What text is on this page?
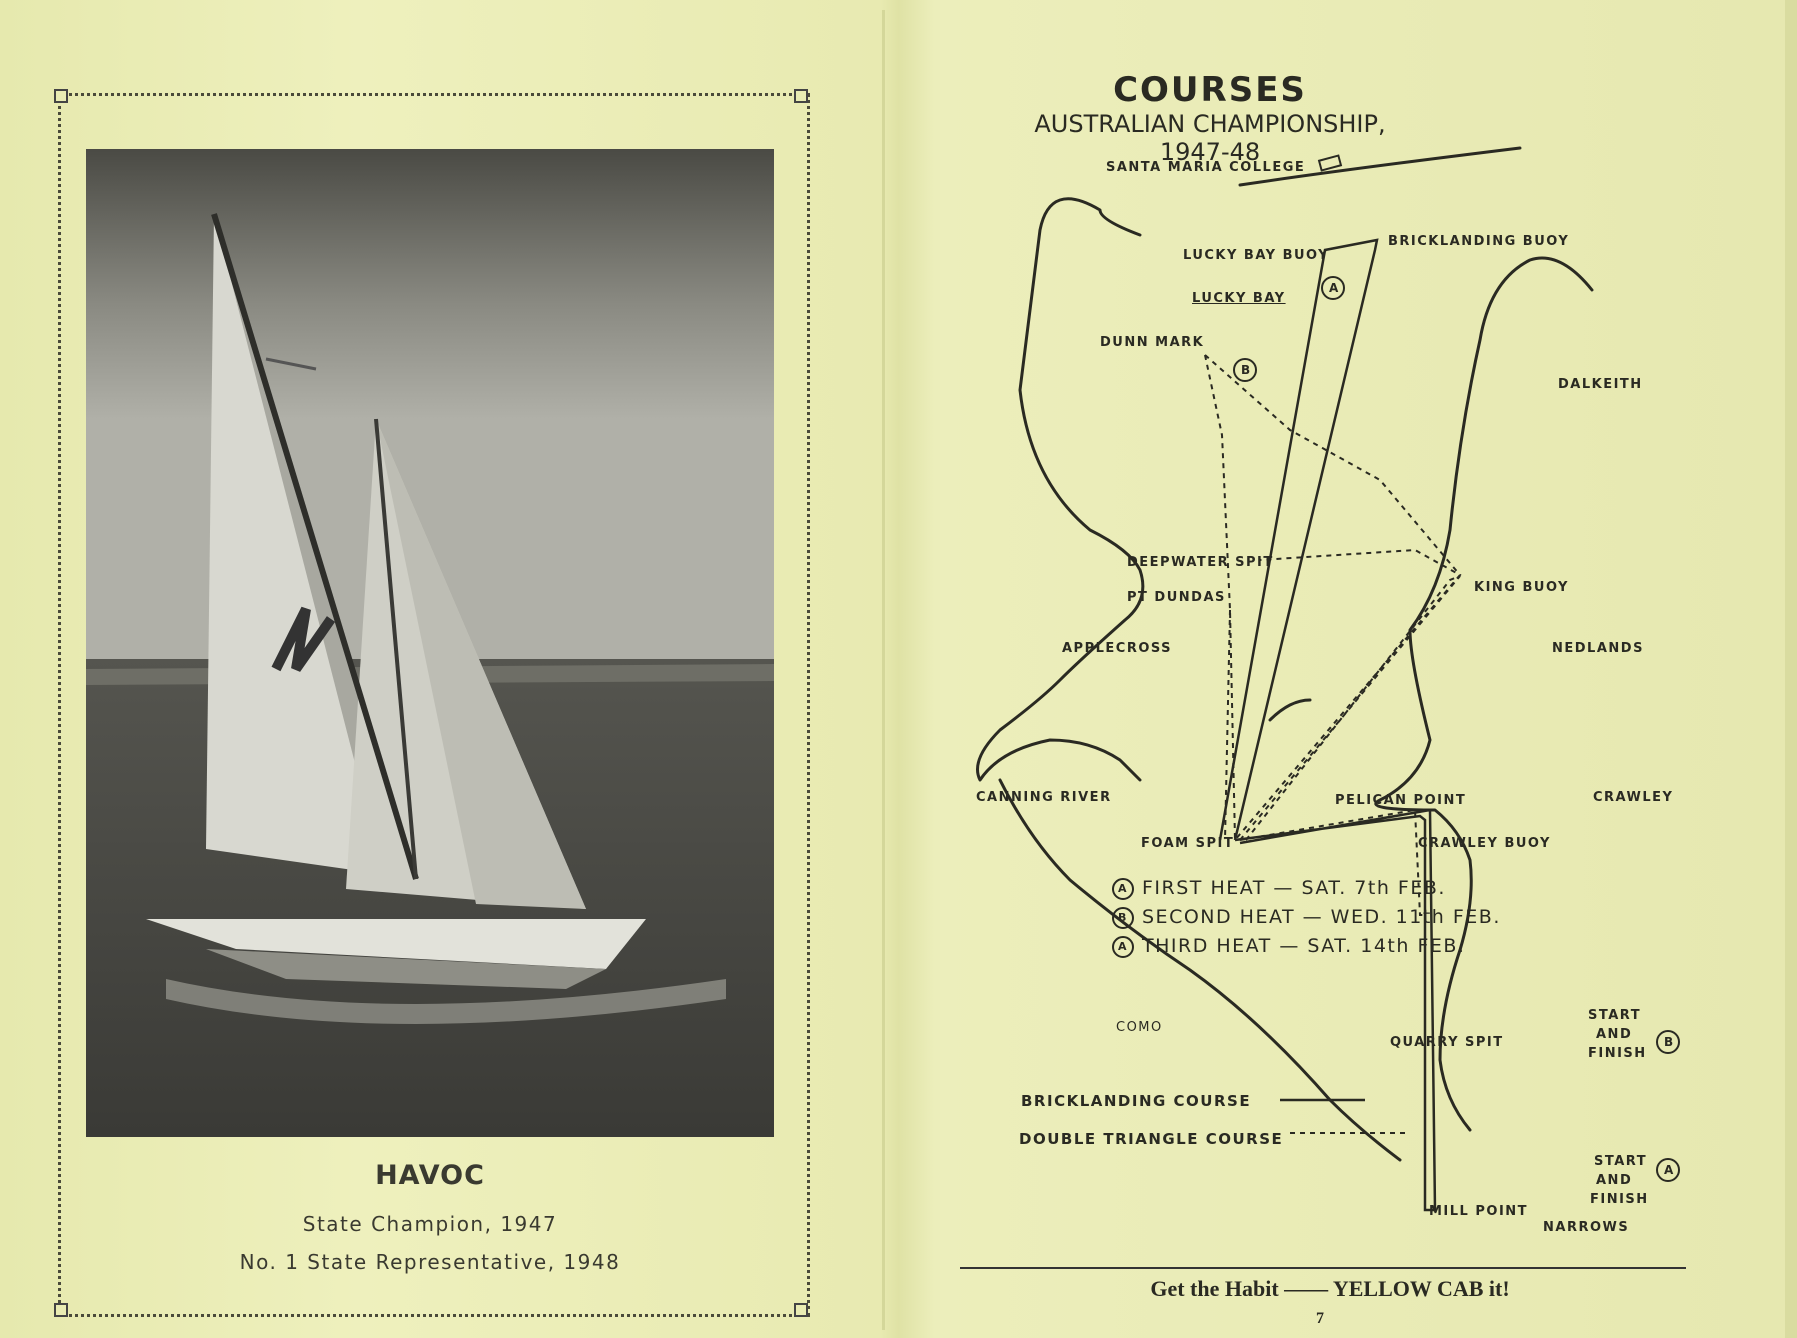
HAVOC
State Champion, 1947
No. 1 State Representative, 1948
COURSES
AUSTRALIAN CHAMPIONSHIP, 1947-48
SANTA MARIA COLLEGE
LUCKY BAY BUOY
BRICKLANDING BUOY
LUCKY BAY
DUNN MARK
DALKEITH
DEEPWATER SPIT
PT DUNDAS
KING BUOY
APPLECROSS	NEDLANDS
CANNING RIVER	PELICAN POINT	CRAWLEY
FOAM SPIT	CRAWLEY BUOY
COMO
QUARRY SPIT
START
AND
FINISH
START
AND
FINISH
MILL POINT
NARROWS
A
B
B
A
A FIRST HEAT — SAT. 7th FEB.
B SECOND HEAT — WED. 11th FEB.
A THIRD HEAT — SAT. 14th FEB.
BRICKLANDING COURSE
DOUBLE TRIANGLE COURSE
Get the Habit —— YELLOW CAB it!
7
